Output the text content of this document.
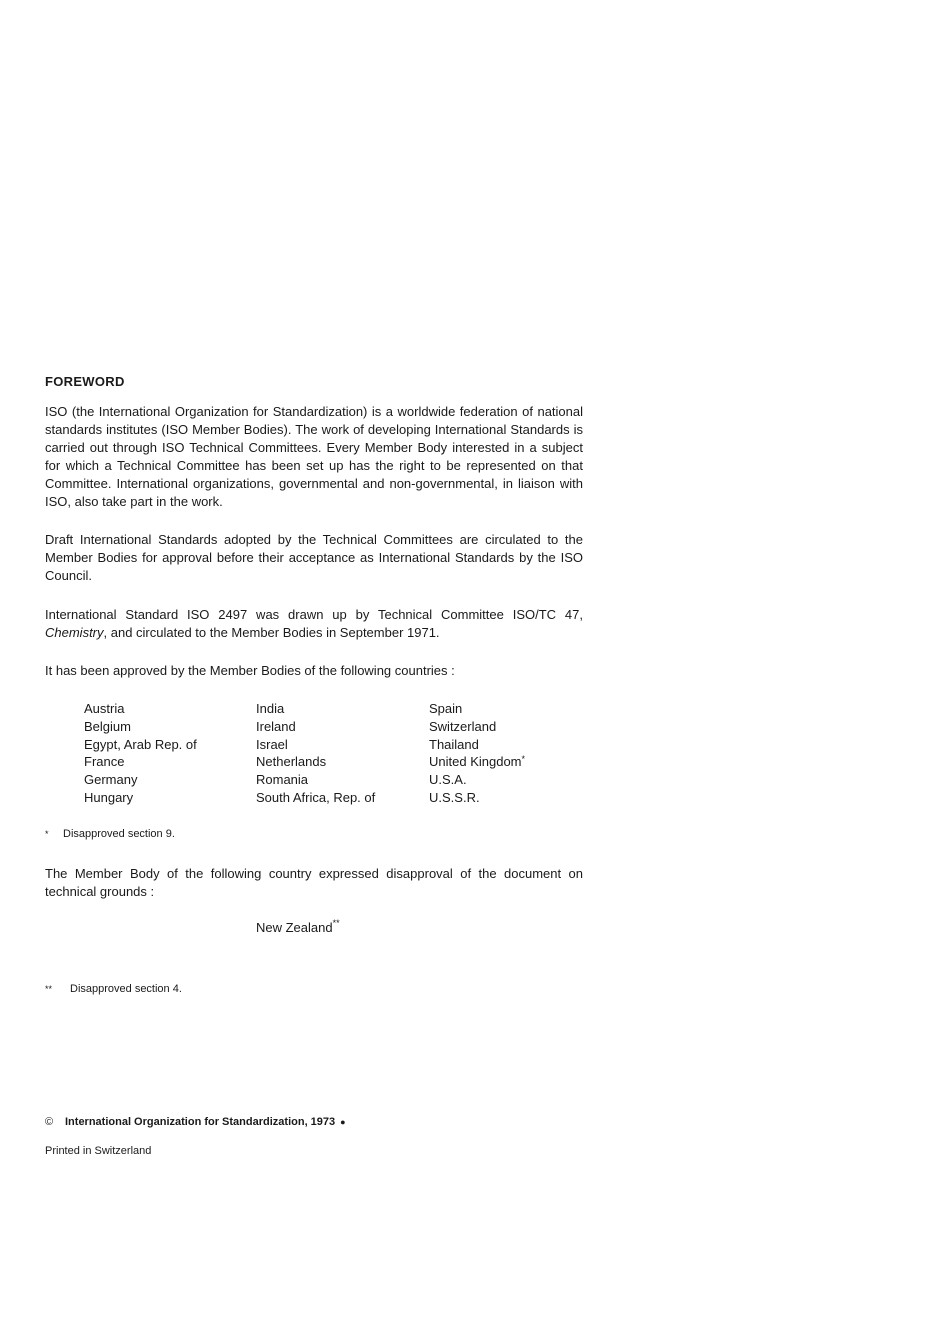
FOREWORD
ISO (the International Organization for Standardization) is a worldwide federation of national standards institutes (ISO Member Bodies). The work of developing International Standards is carried out through ISO Technical Committees. Every Member Body interested in a subject for which a Technical Committee has been set up has the right to be represented on that Committee. International organizations, governmental and non-governmental, in liaison with ISO, also take part in the work.
Draft International Standards adopted by the Technical Committees are circulated to the Member Bodies for approval before their acceptance as International Standards by the ISO Council.
International Standard ISO 2497 was drawn up by Technical Committee ISO/TC 47, Chemistry, and circulated to the Member Bodies in September 1971.
It has been approved by the Member Bodies of the following countries :
Austria
Belgium
Egypt, Arab Rep. of
France
Germany
Hungary
India
Ireland
Israel
Netherlands
Romania
South Africa, Rep. of
Spain
Switzerland
Thailand
United Kingdom*
U.S.A.
U.S.S.R.
* Disapproved section 9.
The Member Body of the following country expressed disapproval of the document on technical grounds :
New Zealand**
** Disapproved section 4.
© International Organization for Standardization, 1973 ●
Printed in Switzerland
